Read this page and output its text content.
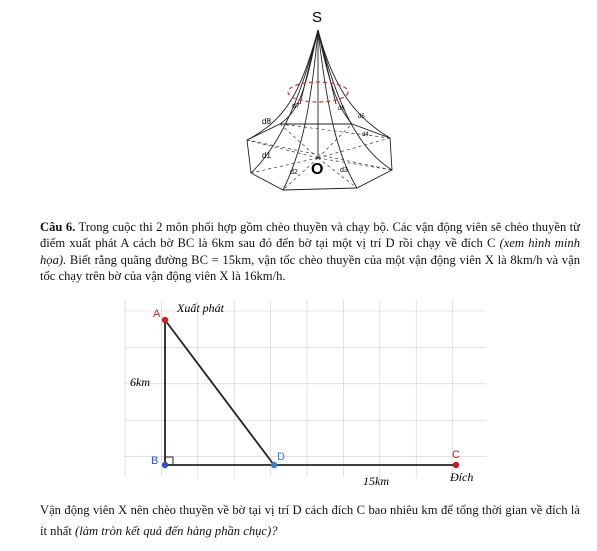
S
O
d1
d2	d3
d4
d5
d6
d7
d8
Câu 6. Trong cuộc thi 2 môn phối hợp gồm chèo thuyền và chạy bộ. Các vận động viên sẽ chèo thuyền từ điểm xuất phát A cách bờ BC là 6km sau đó đến bờ tại một vị trí D rồi chạy về đích C (xem hình minh họa). Biết rằng quãng đường BC = 15km, vận tốc chèo thuyền của một vận động viên X là 8km/h và vận tốc chạy trên bờ của vận động viên X là 16km/h.
A
B	D	C
Xuất phát
6km
15km	Đích
Vận động viên X nên chèo thuyền về bờ tại vị trí D cách đích C bao nhiêu km để tổng thời gian về đích là ít nhất (làm tròn kết quả đến hàng phần chục)?
